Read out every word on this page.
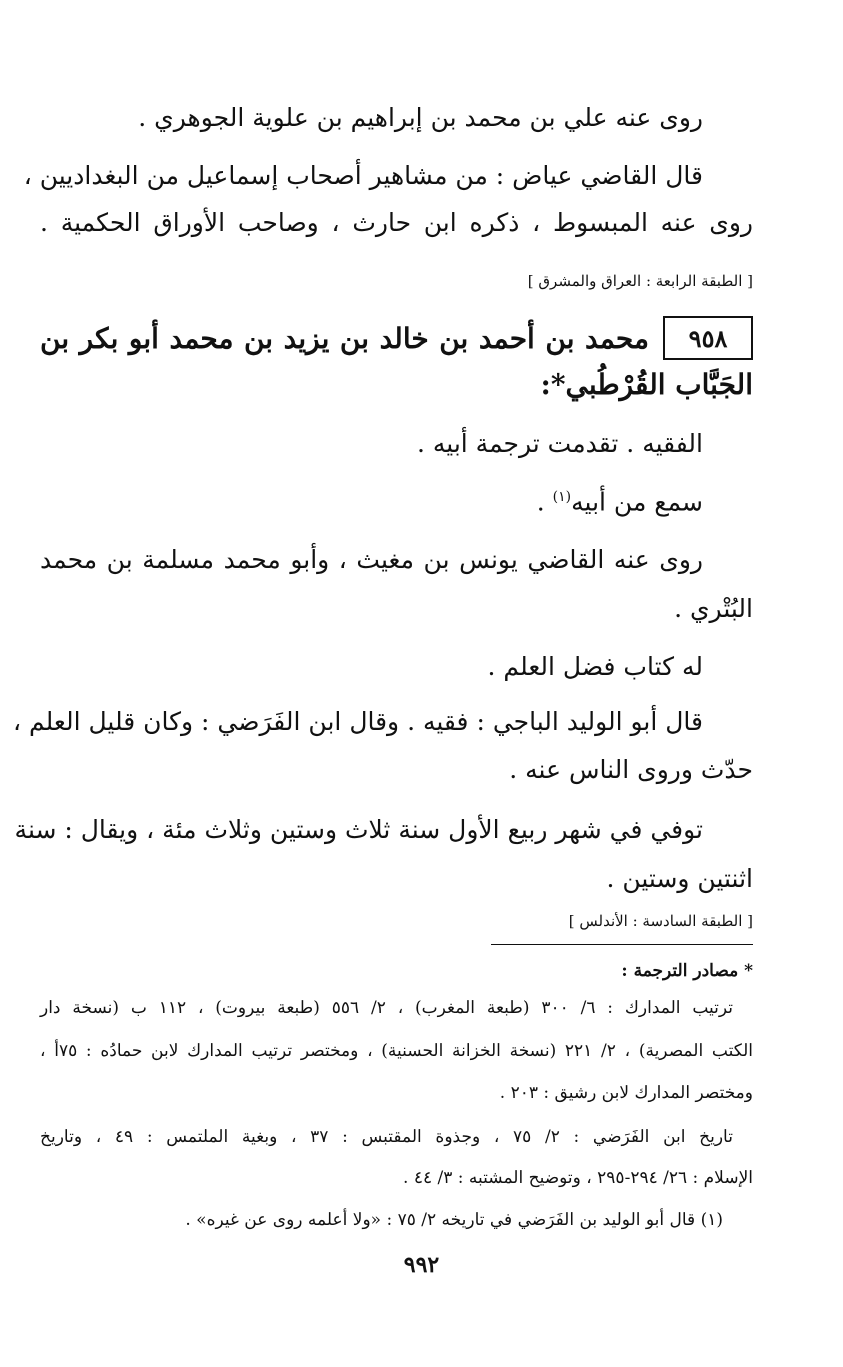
روى عنه علي بن محمد بن إبراهيم بن علوية الجوهري .
قال القاضي عياض : من مشاهير أصحاب إسماعيل من البغداديين ،
روى عنه المبسوط ، ذكره ابن حارث ، وصاحب الأوراق الحكمية .
[ الطبقة الرابعة : العراق والمشرق ]
٩٥٨
محمد بن أحمد بن خالد بن يزيد بن محمد أبو بكر بن
الجَبَّاب القُرْطُبي*:
الفقيه . تقدمت ترجمة أبيه .
سمع من أبيه$^{(١)}$ .
روى عنه القاضي يونس بن مغيث ، وأبو محمد مسلمة بن محمد
البُتْري .
له كتاب فضل العلم .
قال أبو الوليد الباجي : فقيه . وقال ابن الفَرَضي : وكان قليل العلم ،
حدّث وروى الناس عنه .
توفي في شهر ربيع الأول سنة ثلاث وستين وثلاث مئة ، ويقال : سنة
اثنتين وستين .
[ الطبقة السادسة : الأندلس ]
* مصادر الترجمة :
ترتيب المدارك : ٦/ ٣٠٠ (طبعة المغرب) ، ٢/ ٥٥٦ (طبعة بيروت) ، ١١٢ ب (نسخة دار
الكتب المصرية) ، ٢/ ٢٢١ (نسخة الخزانة الحسنية) ، ومختصر ترتيب المدارك لابن حمادُه : ٧٥أ ،
ومختصر المدارك لابن رشيق : ٢٠٣ .
تاريخ ابن الفَرَضي : ٢/ ٧٥ ، وجذوة المقتبس : ٣٧ ، وبغية الملتمس : ٤٩ ، وتاريخ
الإسلام : ٢٦/ ٢٩٤-٢٩٥ ، وتوضيح المشتبه : ٣/ ٤٤ .
(١) قال أبو الوليد بن الفَرَضي في تاريخه ٢/ ٧٥ : «ولا أعلمه روى عن غيره» .
٩٩٢
